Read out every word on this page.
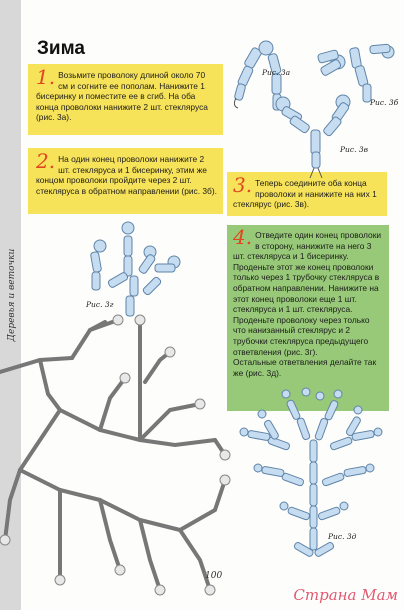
Деревья и веточки
Зима
1. Возьмите проволоку длиной около 70 см и согните ее пополам. Нанижите 1 бисеринку и поместите ее в сгиб. На оба конца проволоки нанижите 2 шт. стекляруса (рис. 3а).
2. На один конец проволоки нанижите 2 шт. стеклярусa и 1 бисеринку, этим же концом проволоки пройдите через 2 шт. стеклярусa в обратном направлении (рис. 3б). 3. Теперь соедините оба конца проволоки и нанижите на них 1 стеклярус (рис. 3в).
4. Отведите один конец проволоки в сторону, нанижите на него 3 шт. стеклярусa и 1 бисеринку. Проденьте этот же конец проволоки только через 1 трубочку стеклярусa в обратном направлении. Нанижите на этот конец проволоки еще 1 шт. стеклярусa и 1 шт. стеклярусa. Проденьте проволоку через только что нанизанный стеклярус и 2 трубочки стеклярусa предыдущего ответвления (рис. 3г).
Остальные ответвления делайте так же (рис. 3д).
Рис. 3а
Рис. 3б
Рис. 3в
Рис. 3г
Рис. 3д
100
Страна Мам
